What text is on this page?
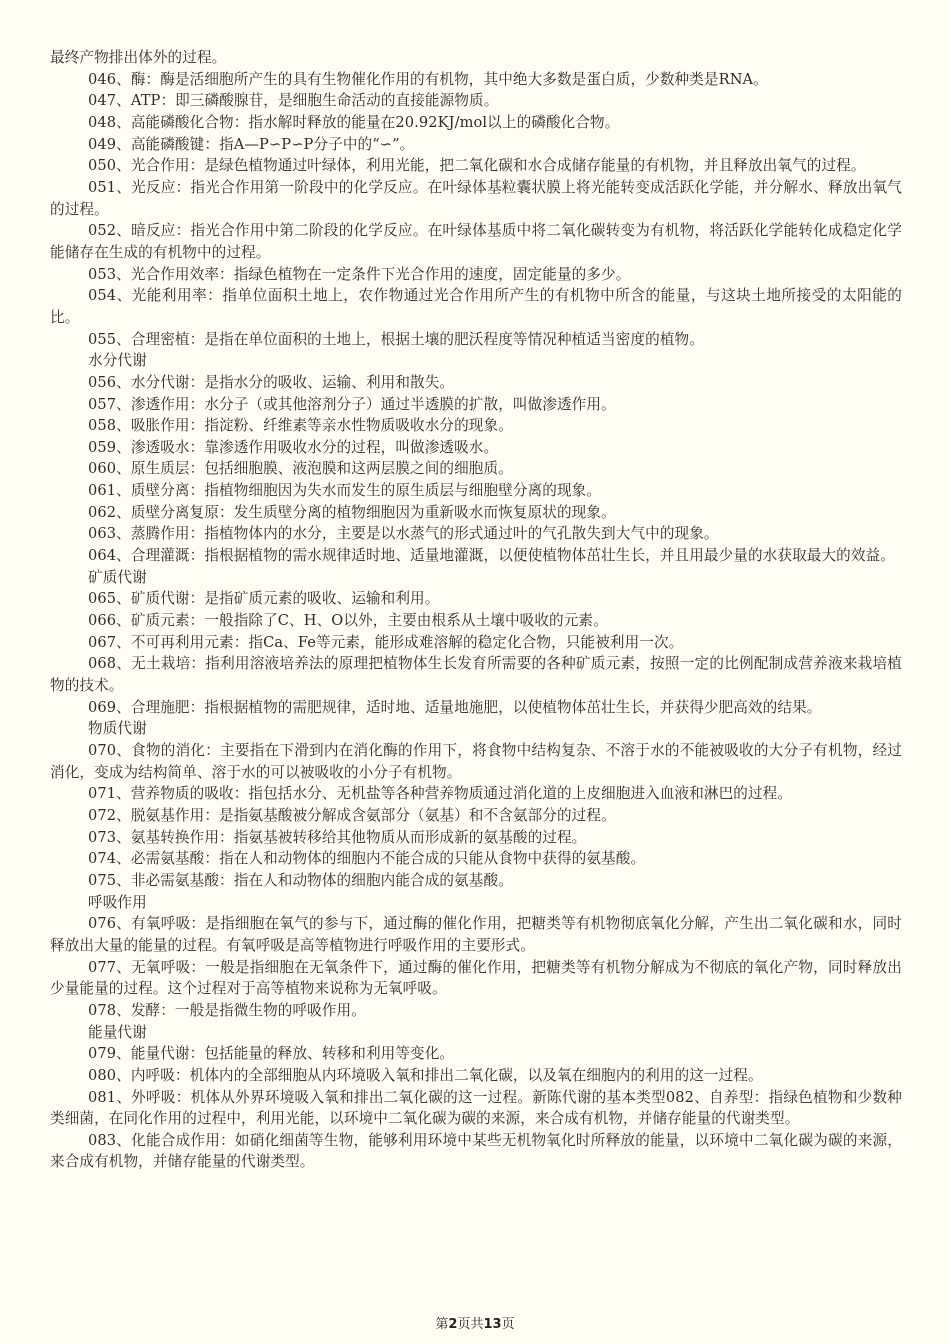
最终产物排出体外的过程。

046、酶：酶是活细胞所产生的具有生物催化作用的有机物，其中绝大多数是蛋白质，少数种类是RNA。

047、ATP：即三磷酸腺苷，是细胞生命活动的直接能源物质。

048、高能磷酸化合物：指水解时释放的能量在20.92KJ/mol以上的磷酸化合物。

049、高能磷酸键：指A—P∽P∽P分子中的“∽”。

050、光合作用：是绿色植物通过叶绿体，利用光能，把二氧化碳和水合成储存能量的有机物，并且释放出氧气的过程。

051、光反应：指光合作用第一阶段中的化学反应。在叶绿体基粒囊状膜上将光能转变成活跃化学能，并分解水、释放出氧气的过程。

052、暗反应：指光合作用中第二阶段的化学反应。在叶绿体基质中将二氧化碳转变为有机物，将活跃化学能转化成稳定化学能储存在生成的有机物中的过程。

053、光合作用效率：指绿色植物在一定条件下光合作用的速度，固定能量的多少。

054、光能利用率：指单位面积土地上，农作物通过光合作用所产生的有机物中所含的能量，与这块土地所接受的太阳能的比。

055、合理密植：是指在单位面积的土地上，根据土壤的肥沃程度等情况种植适当密度的植物。

水分代谢

056、水分代谢：是指水分的吸收、运输、利用和散失。

057、渗透作用：水分子（或其他溶剂分子）通过半透膜的扩散，叫做渗透作用。

058、吸胀作用：指淀粉、纤维素等亲水性物质吸收水分的现象。

059、渗透吸水：靠渗透作用吸收水分的过程，叫做渗透吸水。

060、原生质层：包括细胞膜、液泡膜和这两层膜之间的细胞质。

061、质壁分离：指植物细胞因为失水而发生的原生质层与细胞壁分离的现象。

062、质壁分离复原：发生质壁分离的植物细胞因为重新吸水而恢复原状的现象。

063、蒸腾作用：指植物体内的水分，主要是以水蒸气的形式通过叶的气孔散失到大气中的现象。

064、合理灌溉：指根据植物的需水规律适时地、适量地灌溉，以便使植物体茁壮生长，并且用最少量的水获取最大的效益。

矿质代谢

065、矿质代谢：是指矿质元素的吸收、运输和利用。

066、矿质元素：一般指除了C、H、O以外，主要由根系从土壤中吸收的元素。

067、不可再利用元素：指Ca、Fe等元素，能形成难溶解的稳定化合物，只能被利用一次。

068、无土栽培：指利用溶液培养法的原理把植物体生长发育所需要的各种矿质元素，按照一定的比例配制成营养液来栽培植物的技术。

069、合理施肥：指根据植物的需肥规律，适时地、适量地施肥，以使植物体茁壮生长，并获得少肥高效的结果。

物质代谢

070、食物的消化：主要指在下滑到内在消化酶的作用下，将食物中结构复杂、不溶于水的不能被吸收的大分子有机物，经过消化，变成为结构简单、溶于水的可以被吸收的小分子有机物。

071、营养物质的吸收：指包括水分、无机盐等各种营养物质通过消化道的上皮细胞进入血液和淋巴的过程。

072、脱氨基作用：是指氨基酸被分解成含氨部分（氨基）和不含氨部分的过程。

073、氨基转换作用：指氨基被转移给其他物质从而形成新的氨基酸的过程。

074、必需氨基酸：指在人和动物体的细胞内不能合成的只能从食物中获得的氨基酸。

075、非必需氨基酸：指在人和动物体的细胞内能合成的氨基酸。

呼吸作用

076、有氧呼吸：是指细胞在氧气的参与下，通过酶的催化作用，把糖类等有机物彻底氧化分解，产生出二氧化碳和水，同时释放出大量的能量的过程。有氧呼吸是高等植物进行呼吸作用的主要形式。

077、无氧呼吸：一般是指细胞在无氧条件下，通过酶的催化作用，把糖类等有机物分解成为不彻底的氧化产物，同时释放出少量能量的过程。这个过程对于高等植物来说称为无氧呼吸。

078、发酵：一般是指微生物的呼吸作用。

能量代谢

079、能量代谢：包括能量的释放、转移和利用等变化。

080、内呼吸：机体内的全部细胞从内环境吸入氧和排出二氧化碳，以及氧在细胞内的利用的这一过程。

081、外呼吸：机体从外界环境吸入氧和排出二氧化碳的这一过程。新陈代谢的基本类型082、自养型：指绿色植物和少数种类细菌，在同化作用的过程中，利用光能，以环境中二氧化碳为碳的来源，来合成有机物，并储存能量的代谢类型。

083、化能合成作用：如硝化细菌等生物，能够利用环境中某些无机物氧化时所释放的能量，以环境中二氧化碳为碳的来源，来合成有机物，并储存能量的代谢类型。

第2页共13页
